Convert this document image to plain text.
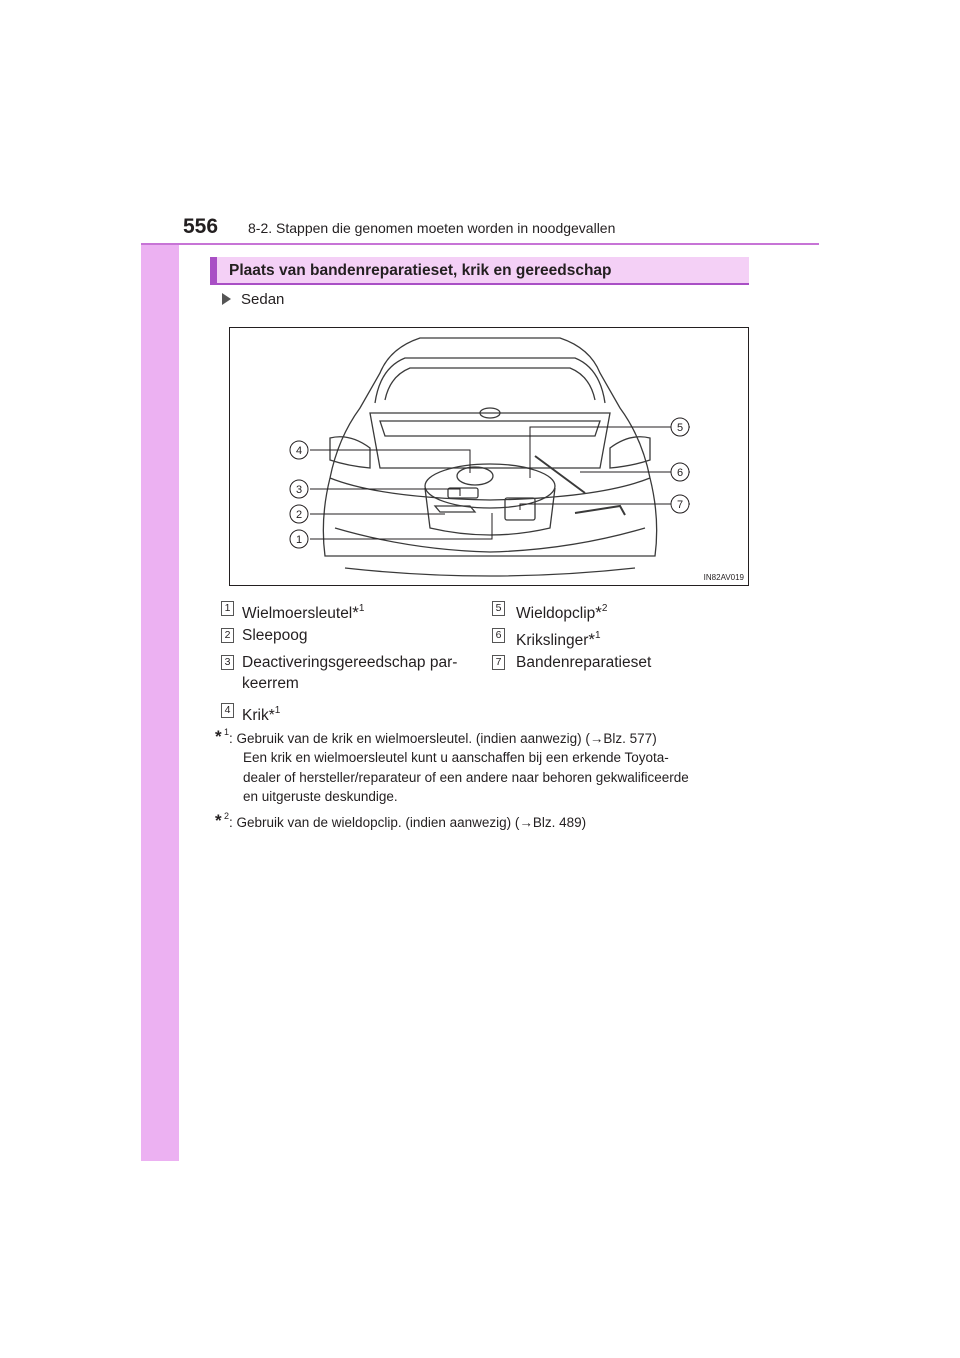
556 8-2. Stappen die genomen moeten worden in noodgevallen
Plaats van bandenreparatieset, krik en gereedschap
Sedan
4
3
2
1
5
6
7
IN82AV019
1 Wielmoersleutel*$^1$
2 Sleepoog
3 Deactiveringsgereedschap par-
keerrem
4 Krik*$^1$
5 Wieldopclip*$^2$
6 Krikslinger*$^1$
7 Bandenreparatieset
* 1 : Gebruik van de krik en wielmoersleutel. (indien aanwezig) (→Blz. 577)
Een krik en wielmoersleutel kunt u aanschaffen bij een erkende Toyota-
dealer of hersteller/reparateur of een andere naar behoren gekwalificeerde
en uitgeruste deskundige.
* 2 : Gebruik van de wieldopclip. (indien aanwezig) (→Blz. 489)
